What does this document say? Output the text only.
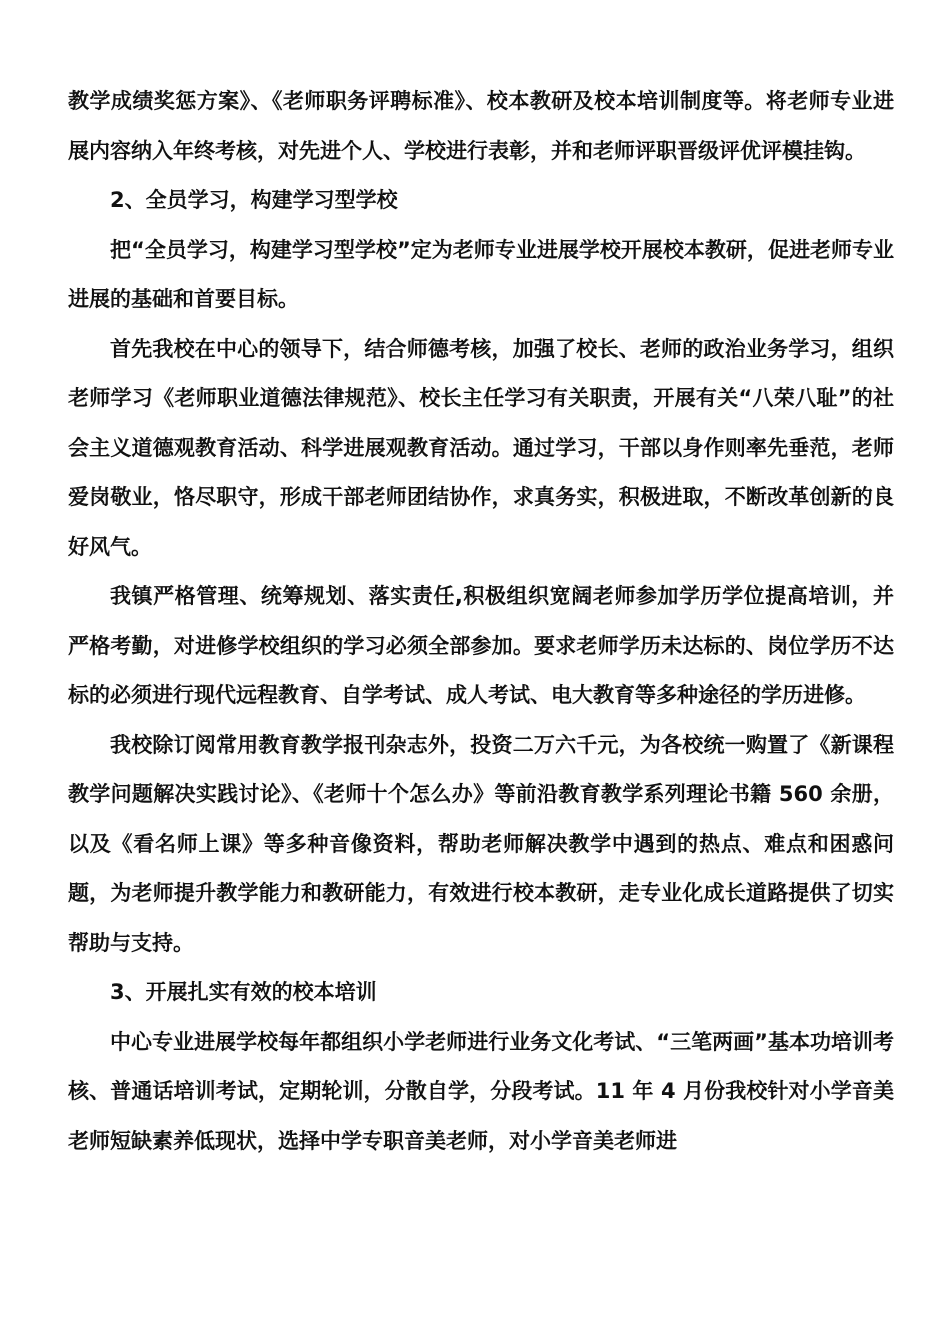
教学成绩奖惩方案》、《老师职务评聘标准》、校本教研及校本培训制度等。将老师专业进展内容纳入年终考核，对先进个人、学校进行表彰，并和老师评职晋级评优评模挂钩。

2、全员学习，构建学习型学校

把“全员学习，构建学习型学校”定为老师专业进展学校开展校本教研，促进老师专业进展的基础和首要目标。

首先我校在中心的领导下，结合师德考核，加强了校长、老师的政治业务学习，组织老师学习《老师职业道德法律规范》、校长主任学习有关职责，开展有关“八荣八耻”的社会主义道德观教育活动、科学进展观教育活动。通过学习，干部以身作则率先垂范，老师爱岗敬业，恪尽职守，形成干部老师团结协作，求真务实，积极进取，不断改革创新的良好风气。

我镇严格管理、统筹规划、落实责任,积极组织宽阔老师参加学历学位提高培训，并严格考勤，对进修学校组织的学习必须全部参加。要求老师学历未达标的、岗位学历不达标的必须进行现代远程教育、自学考试、成人考试、电大教育等多种途径的学历进修。

我校除订阅常用教育教学报刊杂志外，投资二万六千元，为各校统一购置了《新课程教学问题解决实践讨论》、《老师十个怎么办》等前沿教育教学系列理论书籍 560 余册，以及《看名师上课》等多种音像资料，帮助老师解决教学中遇到的热点、难点和困惑问题，为老师提升教学能力和教研能力，有效进行校本教研，走专业化成长道路提供了切实帮助与支持。

3、开展扎实有效的校本培训

中心专业进展学校每年都组织小学老师进行业务文化考试、“三笔两画”基本功培训考核、普通话培训考试，定期轮训，分散自学，分段考试。11 年 4 月份我校针对小学音美老师短缺素养低现状，选择中学专职音美老师，对小学音美老师进
